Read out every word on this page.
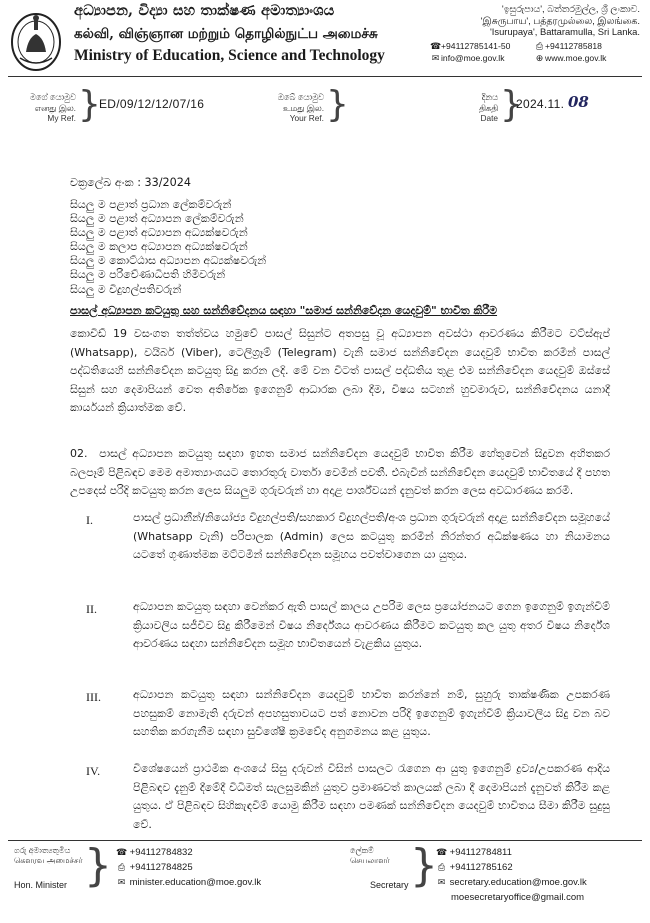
අධ්‍යාපන, විද්‍යා සහ තාක්ෂණ අමාත්‍යාංශය
கல்வி, விஞ்ஞான மற்றும் தொழில்நுட்ப அமைச்சு
Ministry of Education, Science and Technology
'ඉසුරුපාය', බත්තරමුල්ල, ශ්‍රී ලංකාව.
'இசுருபாய', பத்தரமுல்லை, இலங்கை.
'Isurupaya', Battaramulla, Sri Lanka.
☎+94112785141-50	⎙ +94112785818
✉ info@moe.gov.lk	⊕ www.moe.gov.lk
මගේ යොමුව
எனது இல.
My Ref. }
ED/09/12/12/07/16	ඔබේ යොමුව
உமது இல.
Your Ref. }	දිනය
திகதி
Date }
2024.11. 08
චක්‍රලේඛ අංක : 33/2024
සියලු ම පළාත් ප්‍රධාන ලේකම්වරුන්
සියලු ම පළාත් අධ්‍යාපන ලේකම්වරුන්
සියලු ම පළාත් අධ්‍යාපන අධ්‍යක්ෂවරුන්
සියලු ම කලාප අධ්‍යාපන අධ්‍යක්ෂවරුන්
සියලු ම කොට්ඨාස අධ්‍යාපන අධ්‍යක්ෂවරුන්
සියලු ම පරිවේණාධිපති හිමිවරුන්
සියලු ම විදුහල්පතිවරුන්
පාසල් අධ්‍යාපන කටයුතු සහ සන්නිවේදනය සඳහා "සමාජ සන්නිවේදන යෙදවුම්" භාවිත කිරීම
කොවිඩ් 19 වසංගත තත්ත්වය හමුවේ පාසල් සිසුන්ට අතපසු වූ අධ්‍යාපන අවස්ථා ආවරණය කිරීමට වට්ස්ඇප් (Whatsapp), වයිබර් (Viber), ටෙලිග්‍රෑම් (Telegram) වැනි සමාජ සන්නිවේදන යෙදවුම් භාවිත කරමින් පාසල් පද්ධතියෙහි සන්නිවේදන කටයුතු සිදු කරන ලදි. මේ වන විටත් පාසල් පද්ධතිය තුළ එම සන්නිවේදන යෙදවුම් ඔස්සේ සිසුන් සහ දෙමාපියන් වෙත අතිරේක ඉගෙනුම් ආධාරක ලබා දීම, විෂය සටහන් හුවමාරුව, සන්නිවේදනය යනාදී කාර්යයන් ක්‍රියාත්මක වේ.
02. පාසල් අධ්‍යාපන කටයුතු සඳහා ඉහත සමාජ සන්නිවේදන යෙදවුම් භාවිත කිරීම හේතුවෙන් සිදුවන අහිතකර බලපෑම් පිළිබඳව මෙම අමාත්‍යාංශයට තොරතුරු වාර්තා වෙමින් පවතී. එබැවින් සන්නිවේදන යෙදවුම් භාවිතයේ දී පහත උපදෙස් පරිදි කටයුතු කරන ලෙස සියලුම ගුරුවරුන් හා අදාළ පාර්ශ්වයන් දැනුවත් කරන ලෙස අවධාරණය කරමි.
I.	පාසල් ප්‍රධානීන්/නියෝජ්‍ය විදුහල්පති/සහකාර විදුහල්පති/අංශ ප්‍රධාන ගුරුවරුන් අදාළ සන්නිවේදන සමූහයේ (Whatsapp වැනි) පරිපාලක (Admin) ලෙස කටයුතු කරමින් නිරන්තර අධීක්ෂණය හා නියාමනය යටතේ ගුණාත්මක මට්ටමින් සන්නිවේදන සමූහය පවත්වාගෙන යා යුතුය.
II.	අධ්‍යාපන කටයුතු සඳහා වෙන්කර ඇති පාසල් කාලය උපරිම ලෙස ප්‍රයෝජනයට ගෙන ඉගෙනුම් ඉගැන්වීම් ක්‍රියාවලිය සජීවීව සිදු කිරීමෙන් විෂය නිර්දේශය ආවරණය කිරීමට කටයුතු කල යුතු අතර විෂය නිර්දේශ ආවරණය සඳහා සන්නිවේදන සමූහ භාවිතයෙන් වැළකිය යුතුය.
III.	අධ්‍යාපන කටයුතු සඳහා සන්නිවේදන යෙදවුම් භාවිත කරන්නේ නම්, සුහුරු තාක්ෂණික උපකරණ පහසුකම් නොමැති දරුවන් අපහසුතාවයට පත් නොවන පරිදි ඉගෙනුම් ඉගැන්වීම් ක්‍රියාවලිය සිදු වන බව සහතික කරගැනීම සඳහා සුවිශේෂී ක්‍රමවේද අනුගමනය කළ යුතුය.
IV.	විශේෂයෙන් ප්‍රාථමික අංශයේ සිසු දරුවන් විසින් පාසලට රැගෙන ආ යුතු ඉගෙනුම් ද්‍රව්‍ය/උපකරණ ආදිය පිළිබඳව දැනුම් දීමේදී විධිමත් සැලසුමකින් යුතුව ප්‍රමාණවත් කාලයක් ලබා දී දෙමාපියන් දැනුවත් කිරීම කළ යුතුය. ඒ පිළිබඳව සිහිකැඳවීම් යොමු කිරීම සඳහා පමණක් සන්නිවේදන යෙදවුම් භාවිතය සීමා කිරීම සුදුසු වේ.
ගරු අමාත්‍යතුමිය
கௌரவ அமைச்சர்
Hon. Minister } ☎ +94112784832
⎙ +94112784825
✉ minister.education@moe.gov.lk
ලේකම්
செயலாளர்
Secretary }
☎ +94112784811
⎙ +94112785162
✉ secretary.education@moe.gov.lk
moesecretaryoffice@gmail.com
